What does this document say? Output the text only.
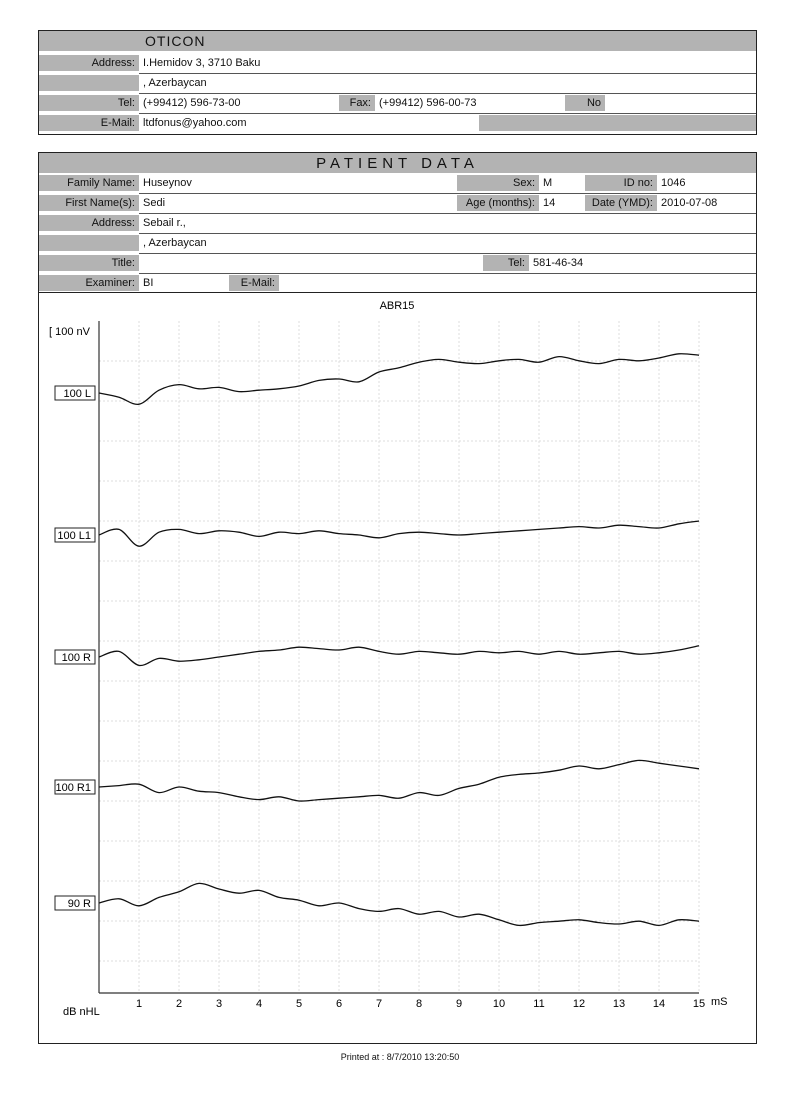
OTICON
Address: I.Hemidov 3, 3710 Baku
, Azerbaycan
Tel: (+99412) 596-73-00	Fax: (+99412) 596-00-73	No
E-Mail: ltdfonus@yahoo.com
PATIENT DATA
Family Name: Huseynov	Sex: M	ID no: 1046
First Name(s): Sedi	Age (months): 14	Date (YMD): 2010-07-08
Address: Sebail r.,
, Azerbaycan
Title:	Tel: 581-46-34
Examiner: BI	E-Mail:
1	2	3	4	5	6	7	8	9	10	11	12	13	14	15
100 L
100 L1
100 R
100 R1
90 R
ABR15
[ 100 nV
dB nHL
mS
Printed at : 8/7/2010 13:20:50
